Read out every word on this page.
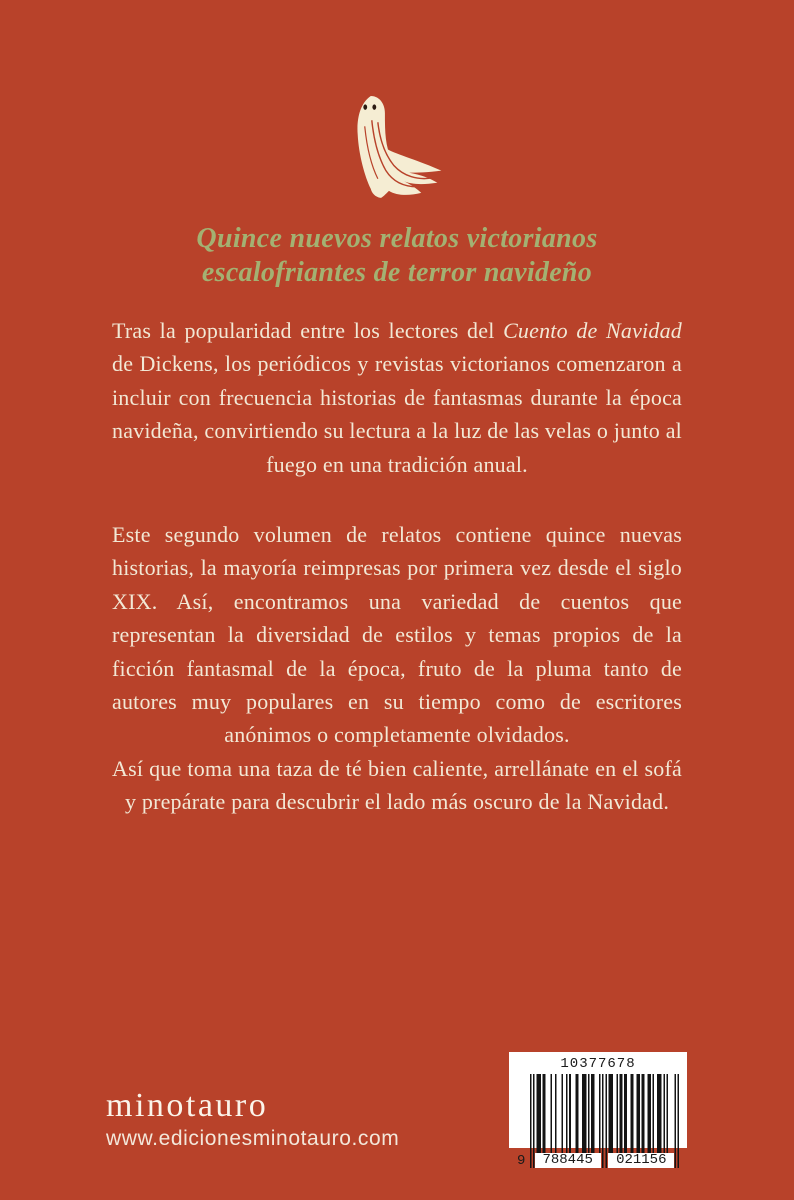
Quince nuevos relatos victorianos
escalofriantes de terror navideño

Tras la popularidad entre los lectores del Cuento de Navidad de Dickens, los periódicos y revistas victorianos comenzaron a incluir con frecuencia historias de fantasmas durante la época navideña, convirtiendo su lectura a la luz de las velas o junto al fuego en una tradición anual.

Este segundo volumen de relatos contiene quince nuevas historias, la mayoría reimpresas por primera vez desde el siglo XIX. Así, encontramos una variedad de cuentos que representan la diversidad de estilos y temas propios de la ficción fantasmal de la época, fruto de la pluma tanto de autores muy populares en su tiempo como de escritores anónimos o completamente olvidados.

Así que toma una taza de té bien caliente, arrellánate en el sofá y prepárate para descubrir el lado más oscuro de la Navidad.

minotauro
www.edicionesminotauro.com
10377678
9	788445	021156
